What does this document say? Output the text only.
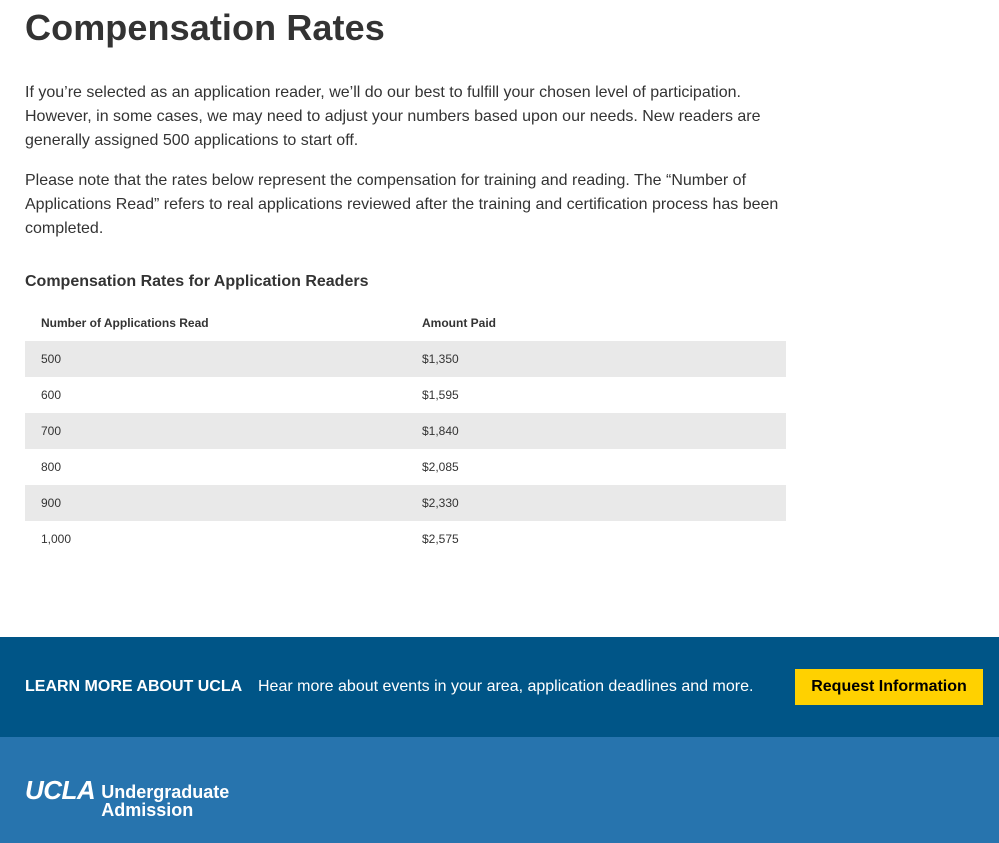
Compensation Rates

If you’re selected as an application reader, we’ll do our best to fulfill your chosen level of participation. However, in some cases, we may need to adjust your numbers based upon our needs. New readers are generally assigned 500 applications to start off.

Please note that the rates below represent the compensation for training and reading. The “Number of Applications Read” refers to real applications reviewed after the training and certification process has been completed.

Compensation Rates for Application Readers
Number of Applications Read	Amount Paid
500	$1,350
600	$1,595
700	$1,840
800	$2,085
900	$2,330
1,000	$2,575
LEARN MORE ABOUT UCLA Hear more about events in your area, application deadlines and more.	Request Information
UCLA Undergraduate
Admission
